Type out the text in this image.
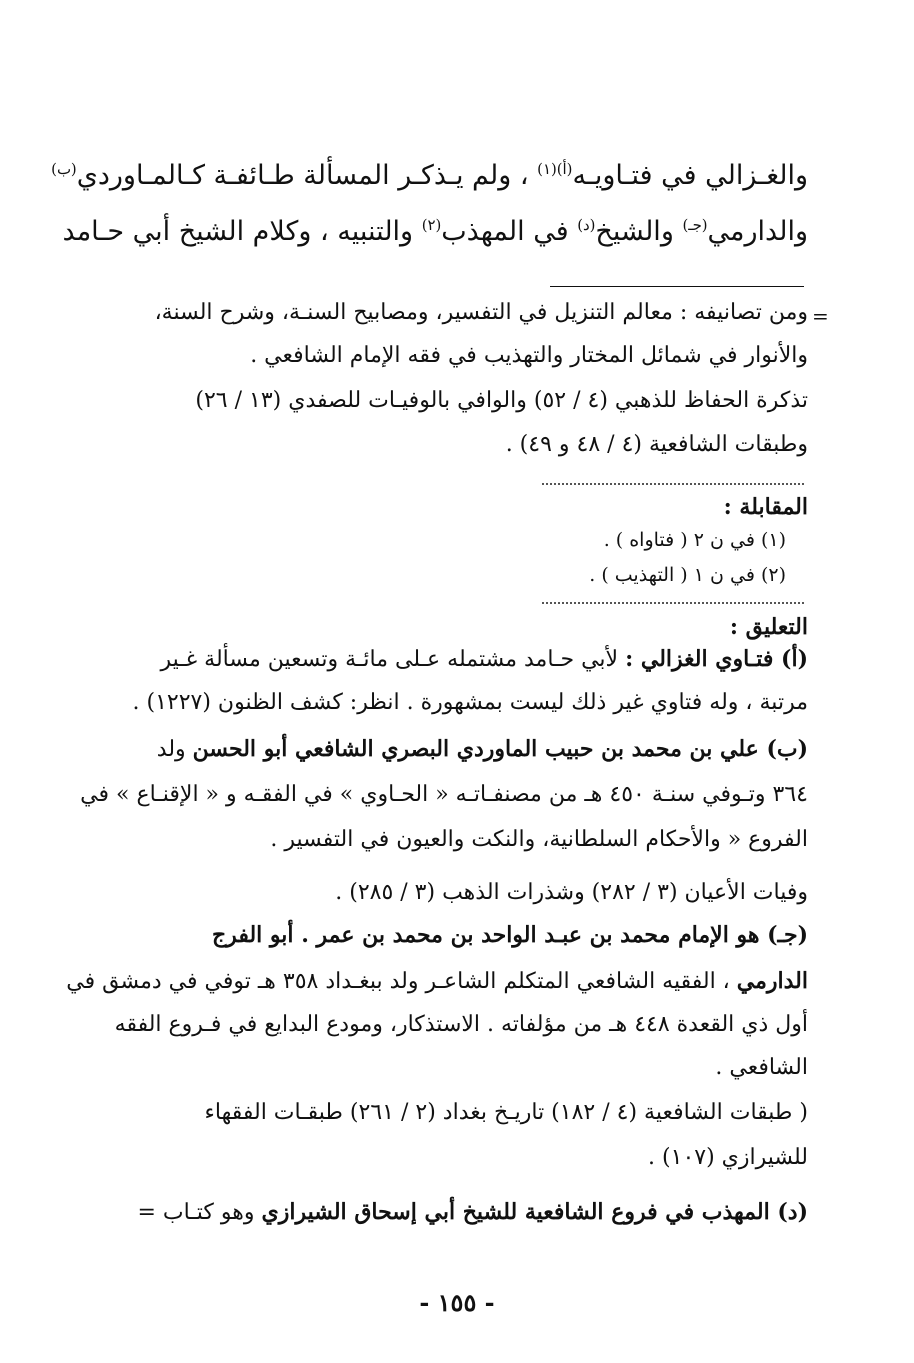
والغـزالي في فتـاويـه$^{(أ)(١)}$ ، ولم يـذكـر المسألة طـائفـة كـالمـاوردي$^{(ب)}$

والدارمي$^{(جـ)}$ والشيخ$^{(د)}$ في المهذب$^{(٢)}$ والتنبيه ، وكلام الشيخ أبي حـامد

=

ومن تصانيفه : معالم التنزيل في التفسير، ومصابيح السنـة، وشرح السنة،

والأنوار في شمائل المختار والتهذيب في فقه الإمام الشافعي .

تذكرة الحفاظ للذهبي (٤ / ٥٢) والوافي بالوفيـات للصفدي (١٣ / ٢٦)

وطبقات الشافعية (٤ / ٤٨ و ٤٩) .

المقابلة :

(١) في ن ٢ ( فتاواه ) .

(٢) في ن ١ ( التهذيب ) .

التعليق :

(أ) فتـاوي الغزالي : لأبي حـامد مشتمله عـلى مائـة وتسعين مسألة غـير

مرتبة ، وله فتاوي غير ذلك ليست بمشهورة . انظر: كشف الظنون (١٢٢٧) .

(ب) علي بن محمد بن حبيب الماوردي البصري الشافعي أبو الحسن ولد

٣٦٤ وتـوفي سنـة ٤٥٠ هـ من مصنفـاتـه « الحـاوي » في الفقـه و « الإقنـاع » في

الفروع « والأحكام السلطانية، والنكت والعيون في التفسير .

وفيات الأعيان (٣ / ٢٨٢) وشذرات الذهب (٣ / ٢٨٥) .

(جـ) هو الإمام محمد بن عبـد الواحد بن محمد بن عمر . أبو الفرج

الدارمي ، الفقيه الشافعي المتكلم الشاعـر ولد ببغـداد ٣٥٨ هـ توفي في دمشق في

أول ذي القعدة ٤٤٨ هـ من مؤلفاته . الاستذكار، ومودع البدايع في فـروع الفقه

الشافعي .

( طبقات الشافعية (٤ / ١٨٢) تاريـخ بغداد (٢ / ٢٦١) طبقـات الفقهاء

للشيرازي (١٠٧) .

(د) المهذب في فروع الشافعية للشيخ أبي إسحاق الشيرازي وهو كتـاب =

- ١٥٥ -
